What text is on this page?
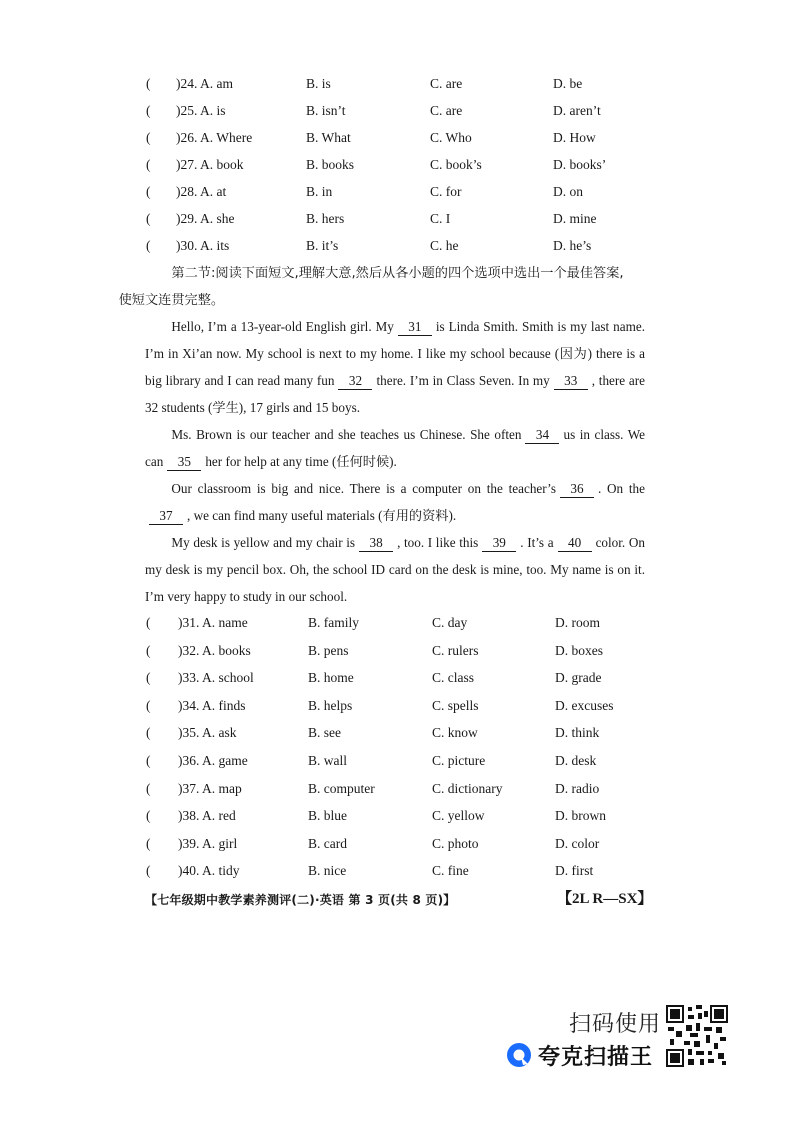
( )24. A. am	B. is	C. are	D. be
( )25. A. is	B. isn’t	C. are	D. aren’t
( )26. A. Where	B. What	C. Who	D. How
( )27. A. book	B. books	C. book’s	D. books’
( )28. A. at	B. in	C. for	D. on
( )29. A. she	B. hers	C. I	D. mine
( )30. A. its	B. it’s	C. he	D. he’s

第二节:阅读下面短文,理解大意,然后从各小题的四个选项中选出一个最佳答案,
使短文连贯完整。

Hello, I’m a 13-year-old English girl. My 31 is Linda Smith. Smith is my last name. I’m in Xi’an now. My school is next to my home. I like my school because (因为) there is a big library and I can read many fun 32 there. I’m in Class Seven. In my 33 , there are 32 students (学生), 17 girls and 15 boys.

Ms. Brown is our teacher and she teaches us Chinese. She often 34 us in class. We can 35 her for help at any time (任何时候).

Our classroom is big and nice. There is a computer on the teacher’s 36 . On the37 , we can find many useful materials (有用的资料).

My desk is yellow and my chair is 38 , too. I like this 39 . It’s a 40 color. On my desk is my pencil box. Oh, the school ID card on the desk is mine, too. My name is on it. I’m very happy to study in our school.

( )31. A. name	B. family	C. day	D. room
( )32. A. books	B. pens	C. rulers	D. boxes
( )33. A. school	B. home	C. class	D. grade
( )34. A. finds	B. helps	C. spells	D. excuses
( )35. A. ask	B. see	C. know	D. think
( )36. A. game	B. wall	C. picture	D. desk
( )37. A. map	B. computer	C. dictionary	D. radio
( )38. A. red	B. blue	C. yellow	D. brown
( )39. A. girl	B. card	C. photo	D. color
( )40. A. tidy	B. nice	C. fine	D. first
【七年级期中教学素养测评(二)·英语 第 3 页(共 8 页)】	【2L R—SX】
扫码使用
夸克扫描王
